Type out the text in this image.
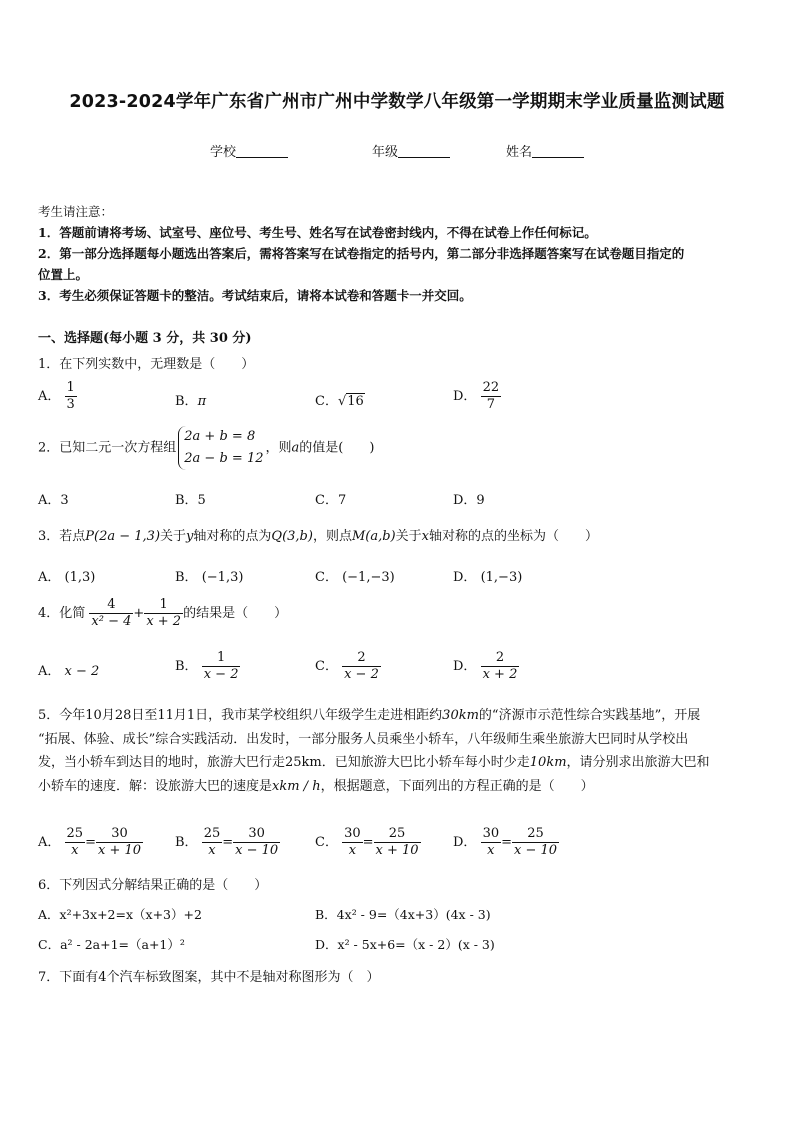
2023-2024学年广东省广州市广州中学数学八年级第一学期期末学业质量监测试题
学校	年级	姓名
考生请注意：
1．答题前请将考场、试室号、座位号、考生号、姓名写在试卷密封线内，不得在试卷上作任何标记。
2．第一部分选择题每小题选出答案后，需将答案写在试卷指定的括号内，第二部分非选择题答案写在试卷题目指定的
位置上。
3．考生必须保证答题卡的整洁。考试结束后，请将本试卷和答题卡一并交回。
一、选择题(每小题 3 分，共 30 分)
1．在下列实数中，无理数是（　　）
A． $\frac{1}{3}$	B．π	C．√16	D． $\frac{22}{7}$
2．已知二元一次方程组
2a + b = 8
2a − b = 12
，则a的值是(　　)
A．3	B．5	C．7	D．9
3．若点P(2a − 1,3)关于y轴对称的点为Q(3,b)，则点M(a,b)关于x轴对称的点的坐标为（　　）
A． (1,3)	B． (−1,3)	C． (−1,−3)	D． (1,−3)
4．化简 $\frac{4}{\text{x² − 4}} + \frac{1}{x + 2}$ 的结果是（　　）
A． x − 2	B． $\frac{1}{x - 2}$	C． $\frac{2}{x - 2}$	D． $\frac{2}{x + 2}$
5．今年10月28日至11月1日，我市某学校组织八年级学生走进相距约30km的“济源市示范性综合实践基地”，开展
“拓展、体验、成长”综合实践活动．出发时，一部分服务人员乘坐小轿车，八年级师生乘坐旅游大巴同时从学校出
发，当小轿车到达目的地时，旅游大巴行走25km．已知旅游大巴比小轿车每小时少走10km，请分别求出旅游大巴和
小轿车的速度．解：设旅游大巴的速度是xkm / h，根据题意，下面列出的方程正确的是（　　）
A． $\frac{25}{x} = \frac{30}{x + 10}$ B． $\frac{25}{x} = \frac{30}{x - 10}$	C． $\frac{30}{x} = \frac{25}{x + 10}$ D． $\frac{30}{x} = \frac{25}{x - 10}$
6．下列因式分解结果正确的是（　　）
A．x²+3x+2=x（x+3）+2	B．4x² - 9=（4x+3）(4x - 3)
C．a² - 2a+1=（a+1）²	D．x² - 5x+6=（x - 2）(x - 3)
7．下面有4个汽车标致图案，其中不是轴对称图形为（　）
